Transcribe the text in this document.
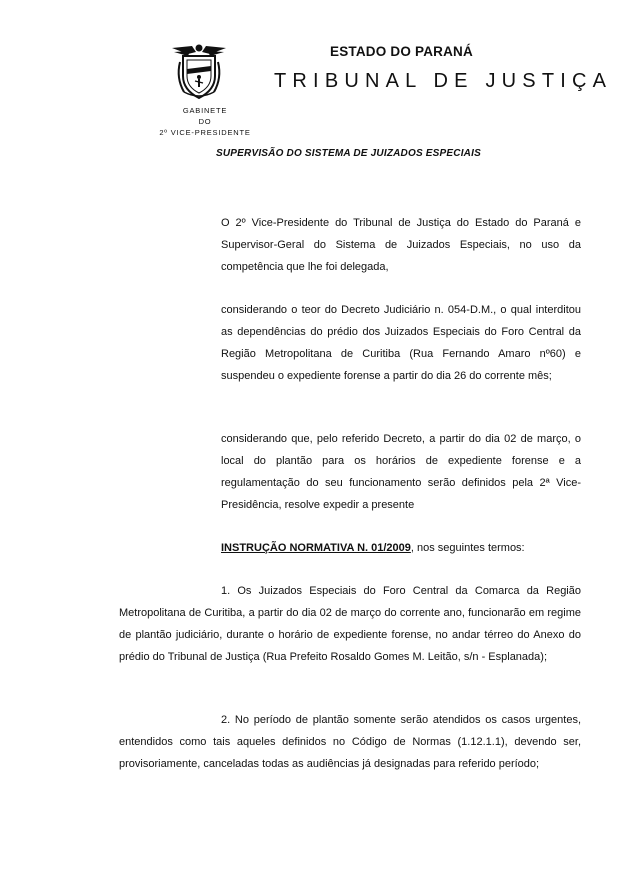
ESTADO DO PARANÁ
TRIBUNAL DE JUSTIÇA
GABINETE
DO
2º VICE-PRESIDENTE
SUPERVISÃO DO SISTEMA DE JUIZADOS ESPECIAIS
O 2º Vice-Presidente do Tribunal de Justiça do Estado do Paraná e Supervisor-Geral do Sistema de Juizados Especiais, no uso da competência que lhe foi delegada,
considerando o teor do Decreto Judiciário n. 054-D.M., o qual interditou as dependências do prédio dos Juizados Especiais do Foro Central da Região Metropolitana de Curitiba (Rua Fernando Amaro nº60) e suspendeu o expediente forense a partir do dia 26 do corrente mês;
considerando que, pelo referido Decreto, a partir do dia 02 de março, o local do plantão para os horários de expediente forense e a regulamentação do seu funcionamento serão definidos pela 2ª Vice-Presidência, resolve expedir a presente
INSTRUÇÃO NORMATIVA N. 01/2009, nos seguintes termos:
1. Os Juizados Especiais do Foro Central da Comarca da Região Metropolitana de Curitiba, a partir do dia 02 de março do corrente ano, funcionarão em regime de plantão judiciário, durante o horário de expediente forense, no andar térreo do Anexo do prédio do Tribunal de Justiça (Rua Prefeito Rosaldo Gomes M. Leitão, s/n - Esplanada);
2. No período de plantão somente serão atendidos os casos urgentes, entendidos como tais aqueles definidos no Código de Normas (1.12.1.1), devendo ser, provisoriamente, canceladas todas as audiências já designadas para referido período;
